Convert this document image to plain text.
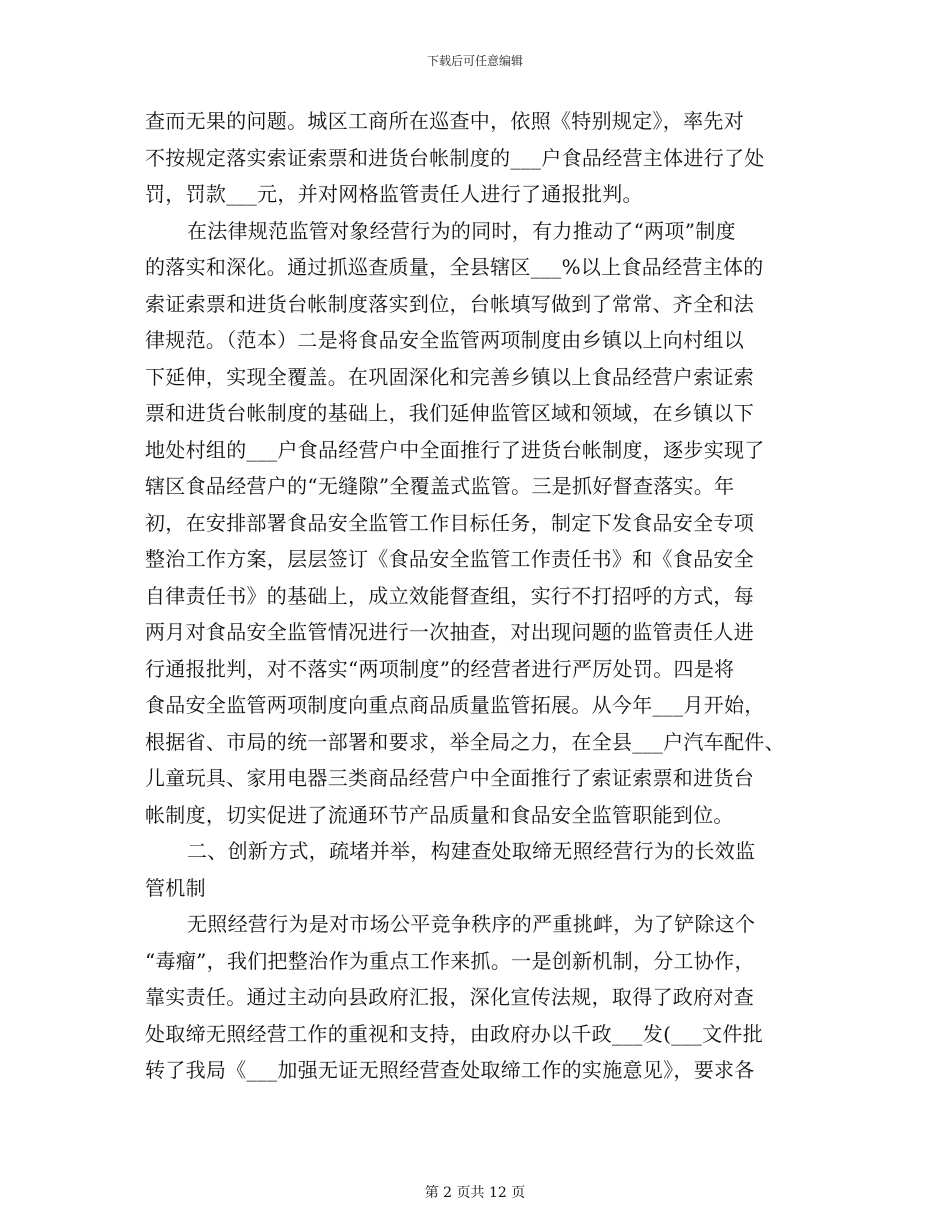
下载后可任意编辑
查而无果的问题。城区工商所在巡查中，依照《特别规定》，率先对
不按规定落实索证索票和进货台帐制度的___户食品经营主体进行了处
罚，罚款___元，并对网格监管责任人进行了通报批判。
在法律规范监管对象经营行为的同时，有力推动了“两项”制度
的落实和深化。通过抓巡查质量，全县辖区___%以上食品经营主体的
索证索票和进货台帐制度落实到位，台帐填写做到了常常、齐全和法
律规范。（范本）二是将食品安全监管两项制度由乡镇以上向村组以
下延伸，实现全覆盖。在巩固深化和完善乡镇以上食品经营户索证索
票和进货台帐制度的基础上，我们延伸监管区域和领域，在乡镇以下
地处村组的___户食品经营户中全面推行了进货台帐制度，逐步实现了
辖区食品经营户的“无缝隙”全覆盖式监管。三是抓好督查落实。年
初，在安排部署食品安全监管工作目标任务，制定下发食品安全专项
整治工作方案，层层签订《食品安全监管工作责任书》和《食品安全
自律责任书》的基础上，成立效能督查组，实行不打招呼的方式，每
两月对食品安全监管情况进行一次抽查，对出现问题的监管责任人进
行通报批判，对不落实“两项制度”的经营者进行严厉处罚。四是将
食品安全监管两项制度向重点商品质量监管拓展。从今年___月开始，
根据省、市局的统一部署和要求，举全局之力，在全县___户汽车配件、
儿童玩具、家用电器三类商品经营户中全面推行了索证索票和进货台
帐制度，切实促进了流通环节产品质量和食品安全监管职能到位。
二、创新方式，疏堵并举，构建查处取缔无照经营行为的长效监
管机制
无照经营行为是对市场公平竞争秩序的严重挑衅，为了铲除这个
“毒瘤”，我们把整治作为重点工作来抓。一是创新机制，分工协作，
靠实责任。通过主动向县政府汇报，深化宣传法规，取得了政府对查
处取缔无照经营工作的重视和支持，由政府办以千政___发(___文件批
转了我局《___加强无证无照经营查处取缔工作的实施意见》，要求各
第 2 页共 12 页
